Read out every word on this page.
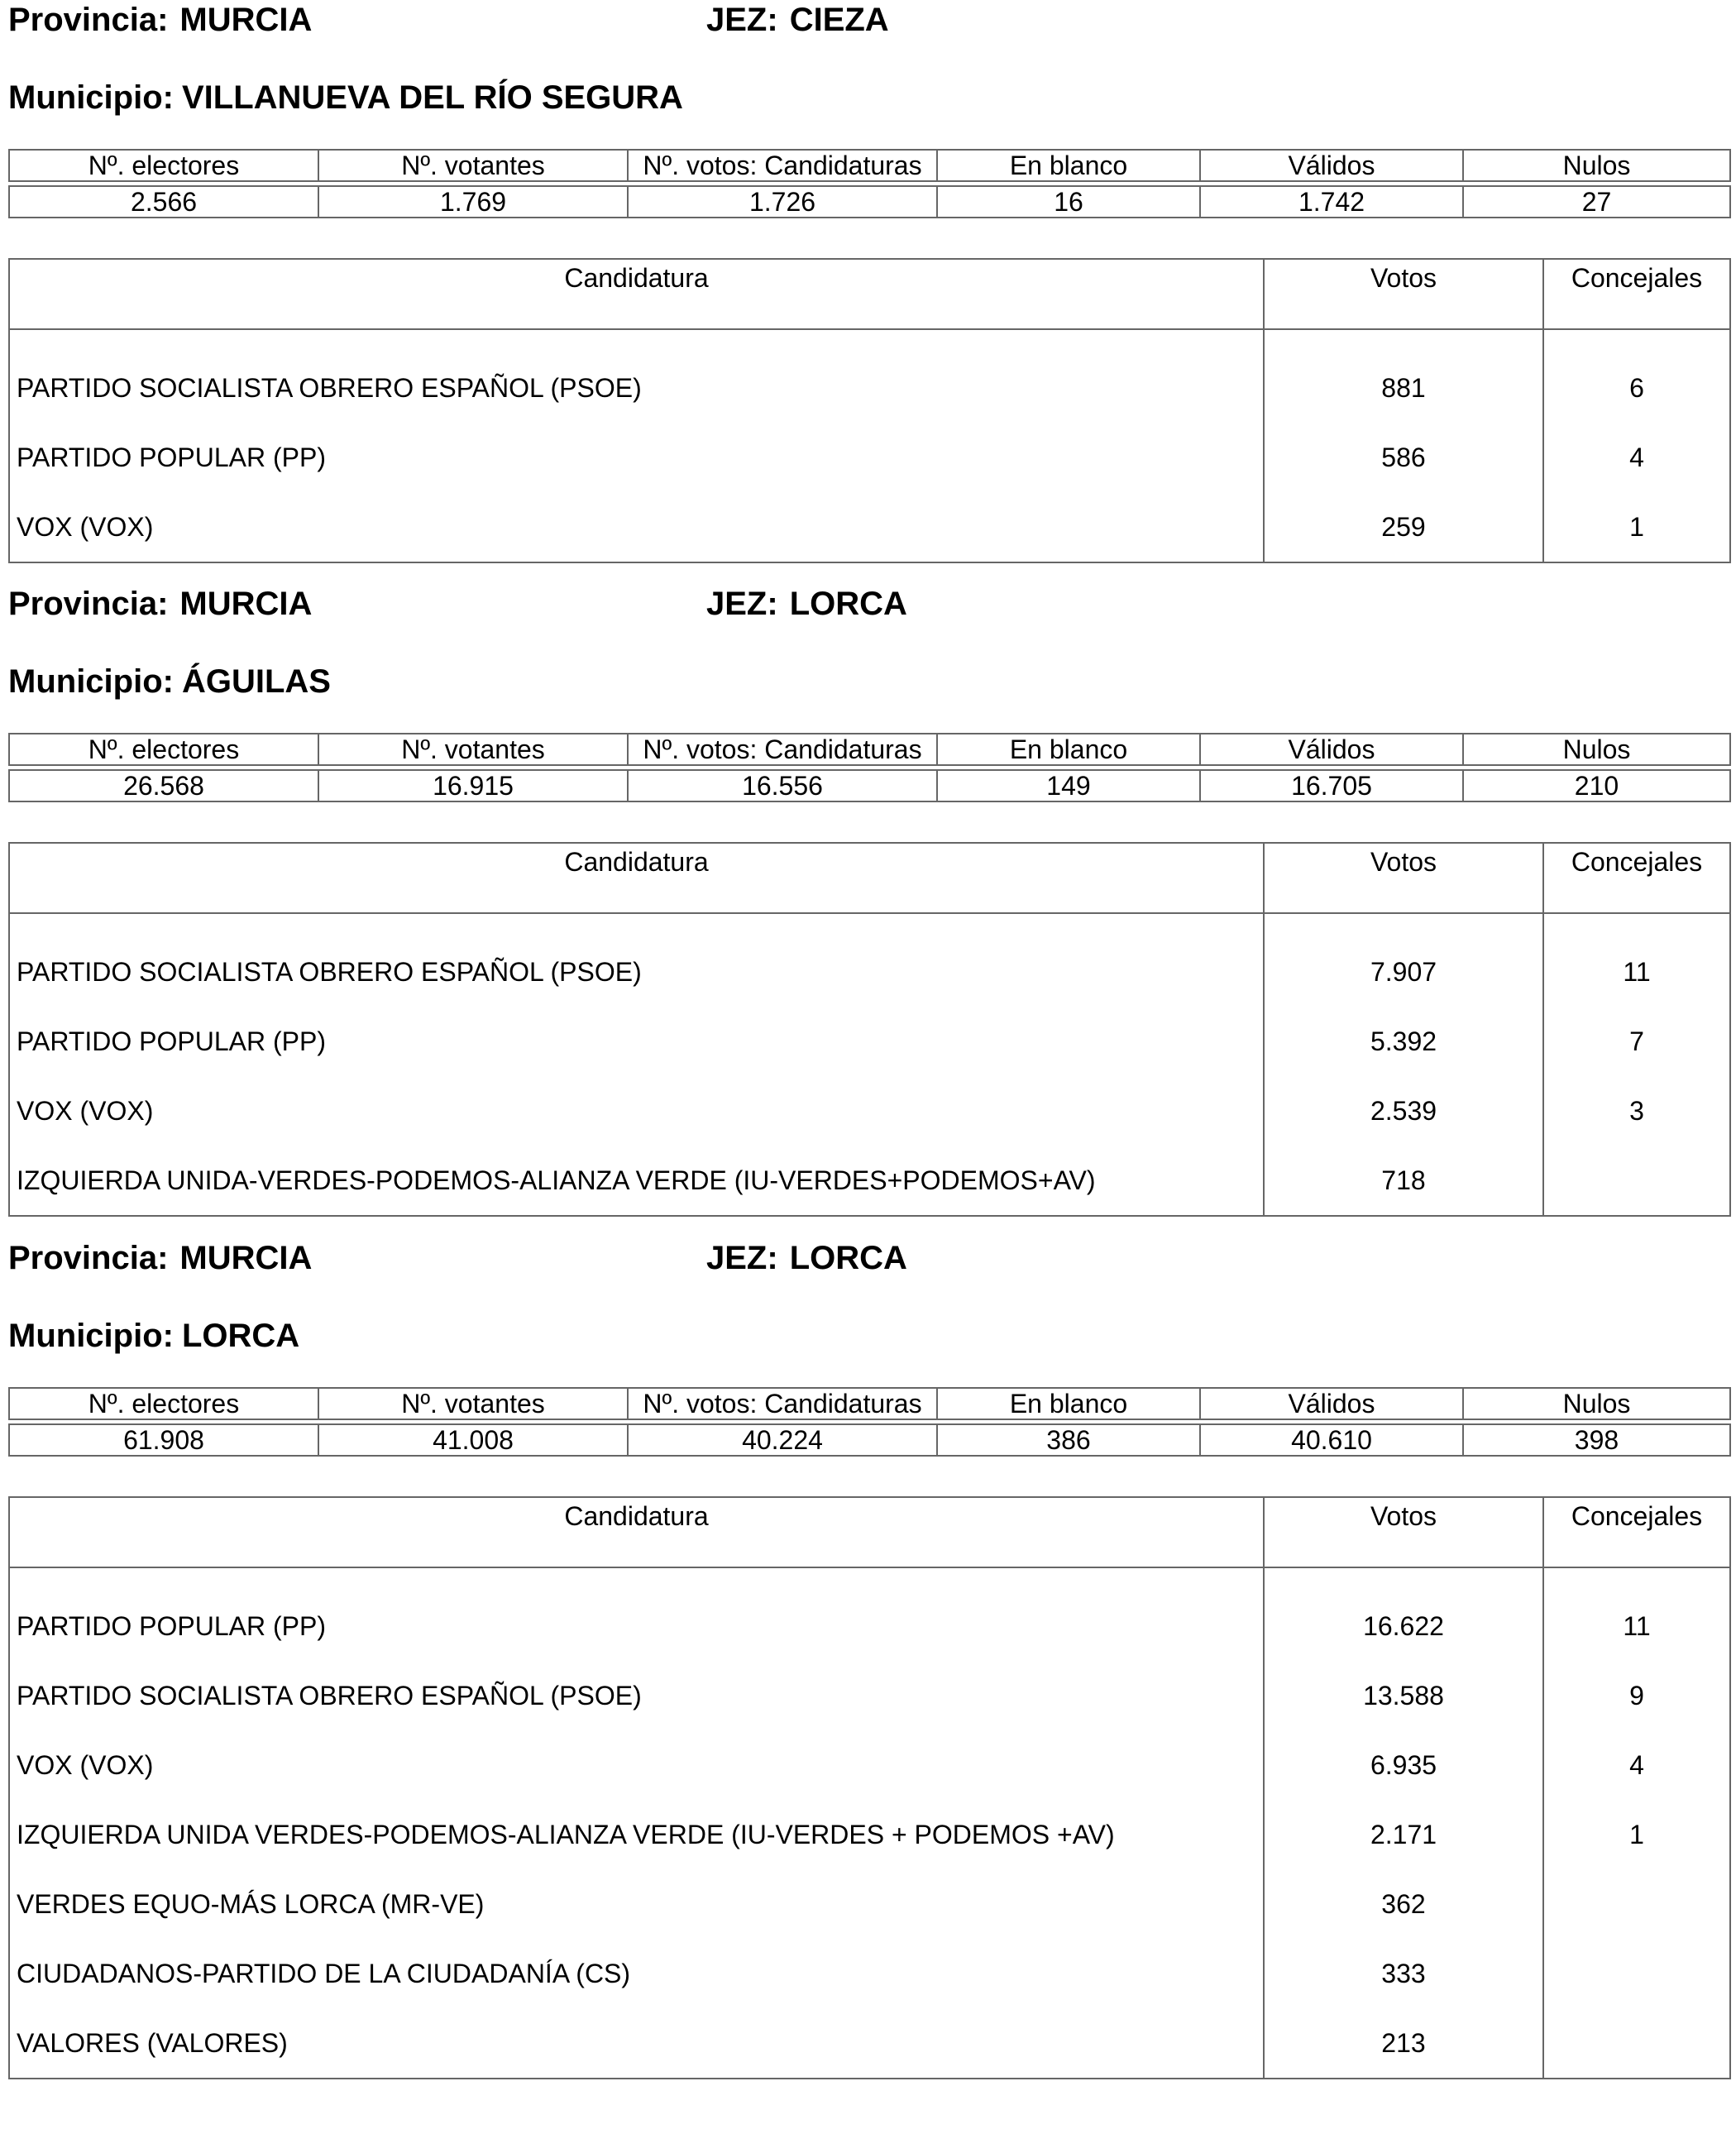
Provincia: MURCIA	JEZ: CIEZA
Municipio: VILLANUEVA DEL RÍO SEGURA
Nº. electores	Nº. votantes	Nº. votos: Candidaturas	En blanco	Válidos	Nulos

2.566	1.769	1.726	16	1.742	27
Candidatura	Votos	Concejales
PARTIDO SOCIALISTA OBRERO ESPAÑOL (PSOE)	881	6
PARTIDO POPULAR (PP)	586	4
VOX (VOX)	259	1
Provincia: MURCIA	JEZ: LORCA
Municipio: ÁGUILAS
Nº. electores	Nº. votantes	Nº. votos: Candidaturas	En blanco	Válidos	Nulos

26.568	16.915	16.556	149	16.705	210
Candidatura	Votos	Concejales
PARTIDO SOCIALISTA OBRERO ESPAÑOL (PSOE)	7.907	11
PARTIDO POPULAR (PP)	5.392	7
VOX (VOX)	2.539	3
IZQUIERDA UNIDA-VERDES-PODEMOS-ALIANZA VERDE (IU-VERDES+PODEMOS+AV)	718	
Provincia: MURCIA	JEZ: LORCA
Municipio: LORCA
Nº. electores	Nº. votantes	Nº. votos: Candidaturas	En blanco	Válidos	Nulos

61.908	41.008	40.224	386	40.610	398
Candidatura	Votos	Concejales
PARTIDO POPULAR (PP)	16.622	11
PARTIDO SOCIALISTA OBRERO ESPAÑOL (PSOE)	13.588	9
VOX (VOX)	6.935	4
IZQUIERDA UNIDA VERDES-PODEMOS-ALIANZA VERDE (IU-VERDES + PODEMOS +AV)	2.171	1
VERDES EQUO-MÁS LORCA (MR-VE)	362	
CIUDADANOS-PARTIDO DE LA CIUDADANÍA (CS)	333	
VALORES (VALORES)	213	
